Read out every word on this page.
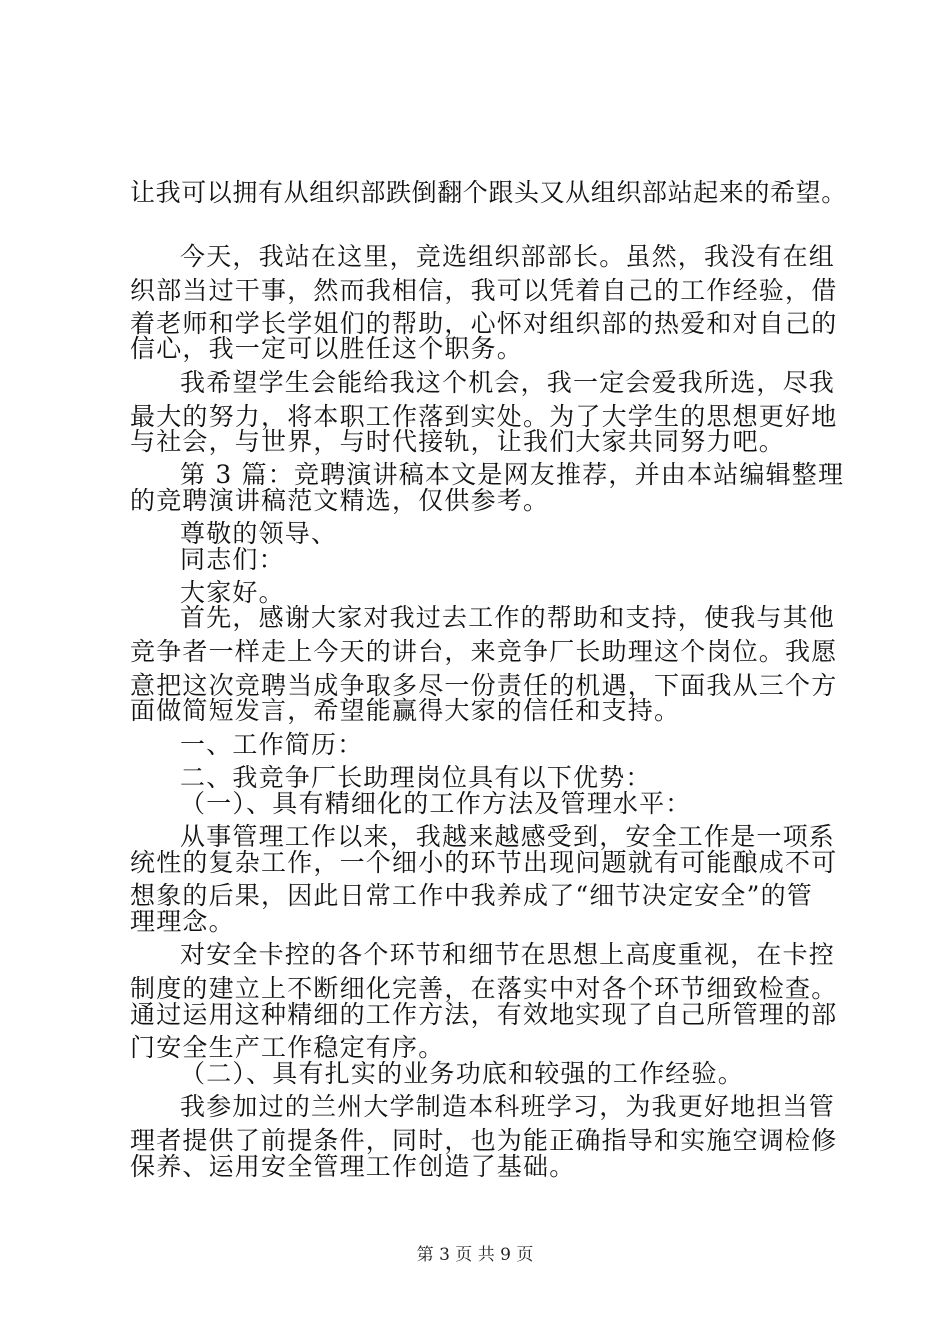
让我可以拥有从组织部跌倒翻个跟头又从组织部站起来的希望。
今天，我站在这里，竞选组织部部长。虽然，我没有在组
织部当过干事，然而我相信，我可以凭着自己的工作经验，借
着老师和学长学姐们的帮助，心怀对组织部的热爱和对自己的
信心，我一定可以胜任这个职务。
我希望学生会能给我这个机会，我一定会爱我所选，尽我
最大的努力，将本职工作落到实处。为了大学生的思想更好地
与社会，与世界，与时代接轨，让我们大家共同努力吧。
第 3 篇：竞聘演讲稿本文是网友推荐，并由本站编辑整理
的竞聘演讲稿范文精选，仅供参考。
尊敬的领导、
同志们：
大家好。
首先，感谢大家对我过去工作的帮助和支持，使我与其他
竞争者一样走上今天的讲台，来竞争厂长助理这个岗位。我愿
意把这次竞聘当成争取多尽一份责任的机遇，下面我从三个方
面做简短发言，希望能赢得大家的信任和支持。
一、工作简历：
二、我竞争厂长助理岗位具有以下优势：
（一）、具有精细化的工作方法及管理水平：
从事管理工作以来，我越来越感受到，安全工作是一项系
统性的复杂工作，一个细小的环节出现问题就有可能酿成不可
想象的后果，因此日常工作中我养成了“细节决定安全”的管
理理念。
对安全卡控的各个环节和细节在思想上高度重视，在卡控
制度的建立上不断细化完善，在落实中对各个环节细致检查。
通过运用这种精细的工作方法，有效地实现了自己所管理的部
门安全生产工作稳定有序。
（二）、具有扎实的业务功底和较强的工作经验。
我参加过的兰州大学制造本科班学习，为我更好地担当管
理者提供了前提条件，同时，也为能正确指导和实施空调检修
保养、运用安全管理工作创造了基础。
第 3 页 共 9 页
